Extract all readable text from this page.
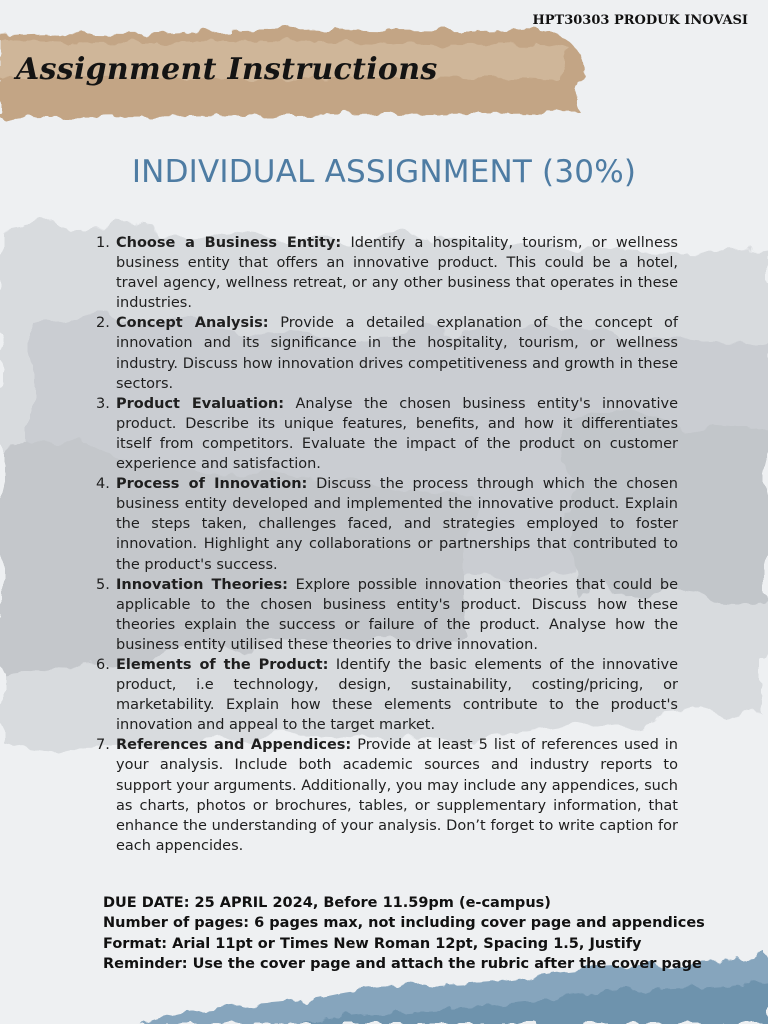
HPT30303 PRODUK INOVASI
Assignment Instructions
INDIVIDUAL ASSIGNMENT (30%)
1. Choose a Business Entity: Identify a hospitality, tourism, or wellness business entity that offers an innovative product. This could be a hotel, travel agency, wellness retreat, or any other business that operates in these industries.
2. Concept Analysis: Provide a detailed explanation of the concept of innovation and its significance in the hospitality, tourism, or wellness industry. Discuss how innovation drives competitiveness and growth in these sectors.
3. Product Evaluation: Analyse the chosen business entity's innovative product. Describe its unique features, benefits, and how it differentiates itself from competitors. Evaluate the impact of the product on customer experience and satisfaction.
4. Process of Innovation: Discuss the process through which the chosen business entity developed and implemented the innovative product. Explain the steps taken, challenges faced, and strategies employed to foster innovation. Highlight any collaborations or partnerships that contributed to the product's success.
5. Innovation Theories: Explore possible innovation theories that could be applicable to the chosen business entity's product. Discuss how these theories explain the success or failure of the product. Analyse how the business entity utilised these theories to drive innovation.
6. Elements of the Product: Identify the basic elements of the innovative product, i.e technology, design, sustainability, costing/pricing, or marketability. Explain how these elements contribute to the product's innovation and appeal to the target market.
7. References and Appendices: Provide at least 5 list of references used in your analysis. Include both academic sources and industry reports to support your arguments. Additionally, you may include any appendices, such as charts, photos or brochures, tables, or supplementary information, that enhance the understanding of your analysis. Don’t forget to write caption for each appencides.
DUE DATE: 25 APRIL 2024, Before 11.59pm (e-campus)
Number of pages: 6 pages max, not including cover page and appendices
Format: Arial 11pt or Times New Roman 12pt, Spacing 1.5, Justify
Reminder: Use the cover page and attach the rubric after the cover page
